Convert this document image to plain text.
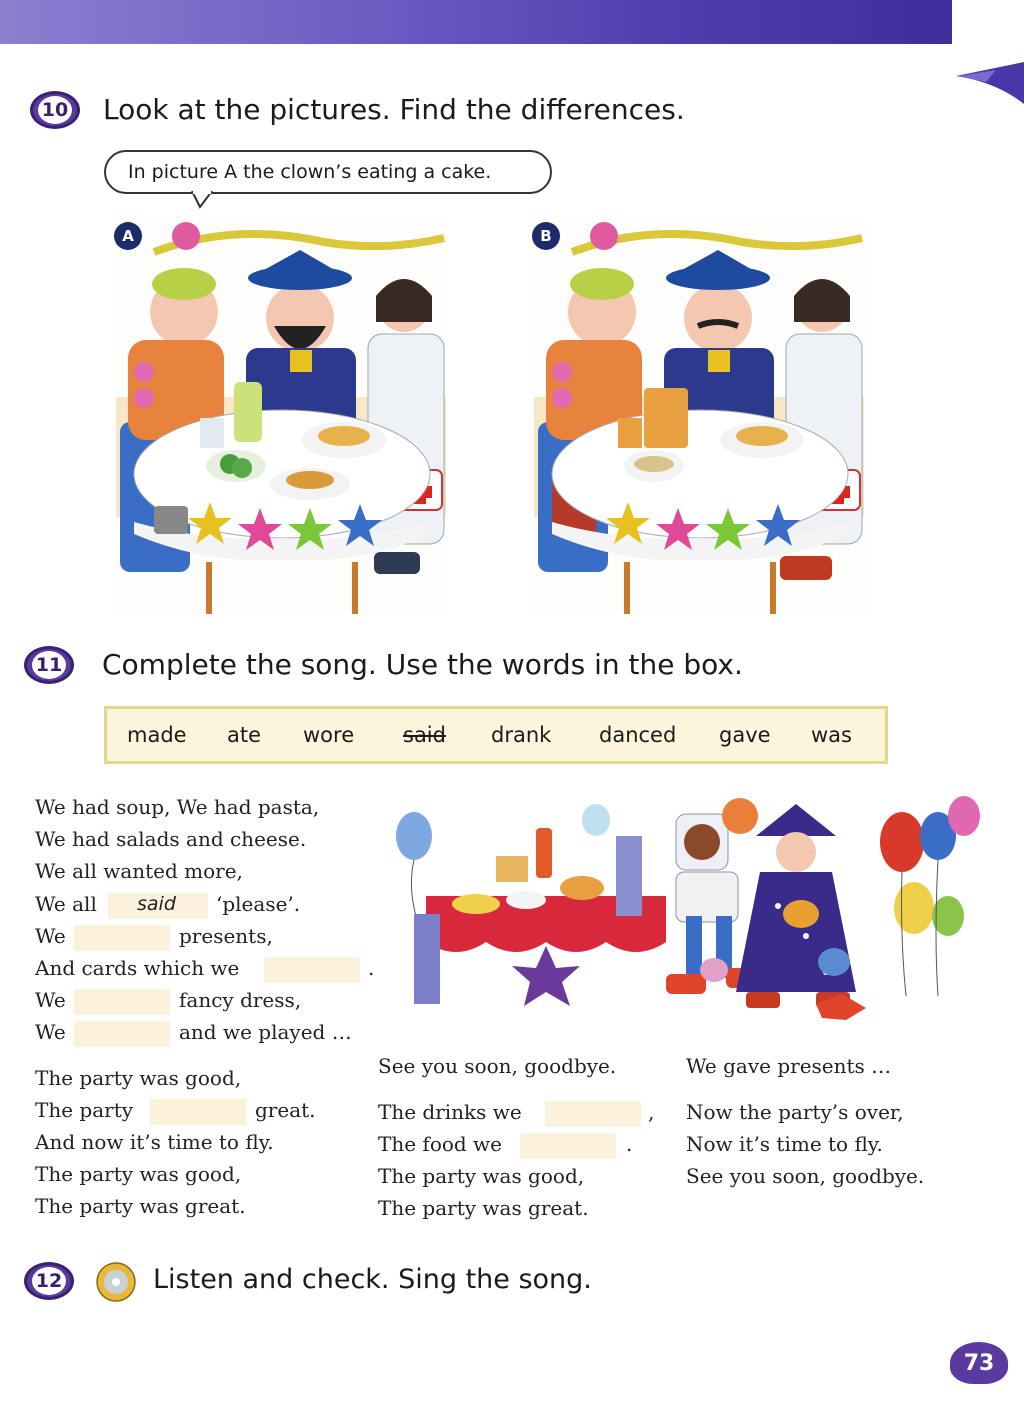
10 Look at the pictures. Find the differences.
In picture A the clown’s eating a cake.
A	B
11 Complete the song. Use the words in the box.
made ate wore said drank danced gave was
We had soup, We had pasta,
We had salads and cheese.
We all wanted more,
We all said ‘please’.
We	presents,
And cards which we	.
We	fancy dress,
We	and we played …
The party was good,
The party	great.
And now it’s time to fly.
The party was good,
The party was great.
See you soon, goodbye.
The drinks we	,
The food we	.
The party was good,
The party was great.
We gave presents …
Now the party’s over,
Now it’s time to fly.
See you soon, goodbye.
12	Listen and check. Sing the song.
73
